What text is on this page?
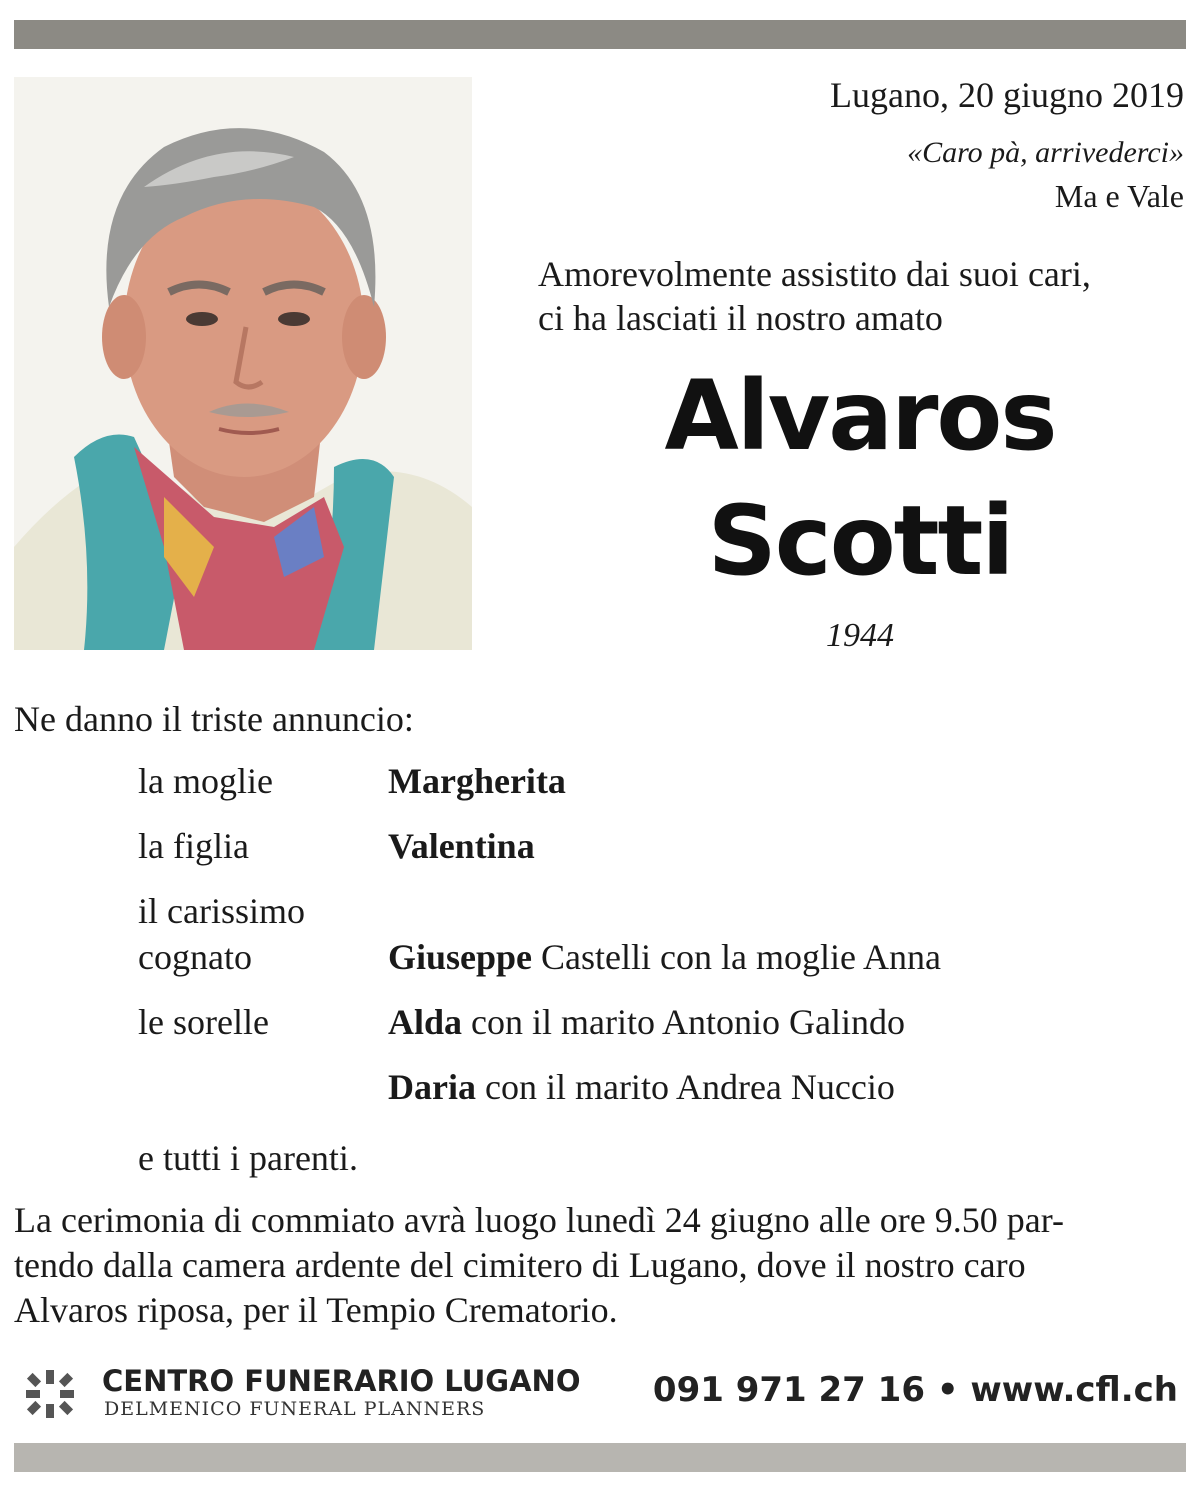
Lugano, 20 giugno 2019
«Caro pà, arrivederci»
Ma e Vale
Amorevolmente assistito dai suoi cari,
ci ha lasciati il nostro amato
Alvaros
Scotti
1944
Ne danno il triste annuncio:
la moglie	Margherita
la figlia	Valentina
il carissimo
cognato	Giuseppe Castelli con la moglie Anna
le sorelle	Alda con il marito Antonio Galindo
Daria con il marito Andrea Nuccio
e tutti i parenti.
La cerimonia di commiato avrà luogo lunedì 24 giugno alle ore 9.50 par-
tendo dalla camera ardente del cimitero di Lugano, dove il nostro caro
Alvaros riposa, per il Tempio Crematorio.
CENTRO FUNERARIO LUGANO
DELMENICO FUNERAL PLANNERS	091 971 27 16 • www.cfl.ch
